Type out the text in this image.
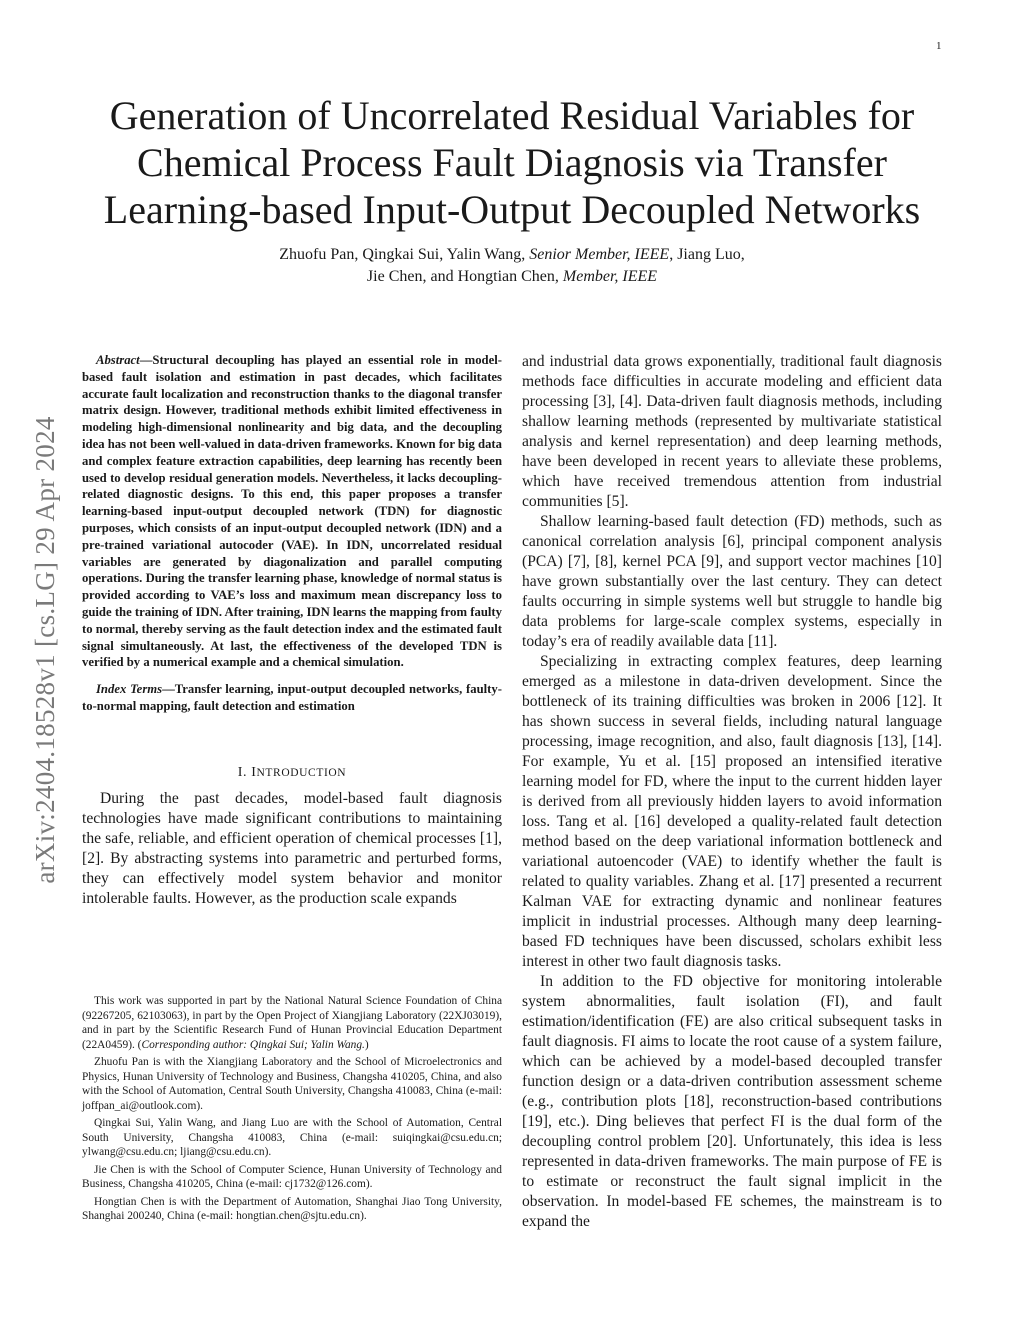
1
arXiv:2404.18528v1 [cs.LG] 29 Apr 2024
Generation of Uncorrelated Residual Variables for
Chemical Process Fault Diagnosis via Transfer
Learning-based Input-Output Decoupled Networks
Zhuofu Pan, Qingkai Sui, Yalin Wang, Senior Member, IEEE, Jiang Luo,
Jie Chen, and Hongtian Chen, Member, IEEE

Abstract—Structural decoupling has played an essential role in model-based fault isolation and estimation in past decades, which facilitates accurate fault localization and reconstruction thanks to the diagonal transfer matrix design. However, traditional methods exhibit limited effectiveness in modeling high-dimensional nonlinearity and big data, and the decoupling idea has not been well-valued in data-driven frameworks. Known for big data and complex feature extraction capabilities, deep learning has recently been used to develop residual generation models. Nevertheless, it lacks decoupling-related diagnostic designs. To this end, this paper proposes a transfer learning-based input-output decoupled network (TDN) for diagnostic purposes, which consists of an input-output decoupled network (IDN) and a pre-trained variational autocoder (VAE). In IDN, uncorrelated residual variables are generated by diagonalization and parallel computing operations. During the transfer learning phase, knowledge of normal status is provided according to VAE’s loss and maximum mean discrepancy loss to guide the training of IDN. After training, IDN learns the mapping from faulty to normal, thereby serving as the fault detection index and the estimated fault signal simultaneously. At last, the effectiveness of the developed TDN is verified by a numerical example and a chemical simulation.

Index Terms—Transfer learning, input-output decoupled networks, faulty-to-normal mapping, fault detection and estimation

I. INTRODUCTION

During the past decades, model-based fault diagnosis technologies have made significant contributions to maintaining the safe, reliable, and efficient operation of chemical processes [1], [2]. By abstracting systems into parametric and perturbed forms, they can effectively model system behavior and monitor intolerable faults. However, as the production scale expands

and industrial data grows exponentially, traditional fault diagnosis methods face difficulties in accurate modeling and efficient data processing [3], [4]. Data-driven fault diagnosis methods, including shallow learning methods (represented by multivariate statistical analysis and kernel representation) and deep learning methods, have been developed in recent years to alleviate these problems, which have received tremendous attention from industrial communities [5].

Shallow learning-based fault detection (FD) methods, such as canonical correlation analysis [6], principal component analysis (PCA) [7], [8], kernel PCA [9], and support vector machines [10] have grown substantially over the last century. They can detect faults occurring in simple systems well but struggle to handle big data problems for large-scale complex systems, especially in today’s era of readily available data [11].

Specializing in extracting complex features, deep learning emerged as a milestone in data-driven development. Since the bottleneck of its training difficulties was broken in 2006 [12]. It has shown success in several fields, including natural language processing, image recognition, and also, fault diagnosis [13], [14]. For example, Yu et al. [15] proposed an intensified iterative learning model for FD, where the input to the current hidden layer is derived from all previously hidden layers to avoid information loss. Tang et al. [16] developed a quality-related fault detection method based on the deep variational information bottleneck and variational autoencoder (VAE) to identify whether the fault is related to quality variables. Zhang et al. [17] presented a recurrent Kalman VAE for extracting dynamic and nonlinear features implicit in industrial processes. Although many deep learning-based FD techniques have been discussed, scholars exhibit less interest in other two fault diagnosis tasks.

In addition to the FD objective for monitoring intolerable system abnormalities, fault isolation (FI), and fault estimation/identification (FE) are also critical subsequent tasks in fault diagnosis. FI aims to locate the root cause of a system failure, which can be achieved by a model-based decoupled transfer function design or a data-driven contribution assessment scheme (e.g., contribution plots [18], reconstruction-based contributions [19], etc.). Ding believes that perfect FI is the dual form of the decoupling control problem [20]. Unfortunately, this idea is less represented in data-driven frameworks. The main purpose of FE is to estimate or reconstruct the fault signal implicit in the observation. In model-based FE schemes, the mainstream is to expand the

This work was supported in part by the National Natural Science Foundation of China (92267205, 62103063), in part by the Open Project of Xiangjiang Laboratory (22XJ03019), and in part by the Scientific Research Fund of Hunan Provincial Education Department (22A0459). (Corresponding author: Qingkai Sui; Yalin Wang.)

Zhuofu Pan is with the Xiangjiang Laboratory and the School of Microelectronics and Physics, Hunan University of Technology and Business, Changsha 410205, China, and also with the School of Automation, Central South University, Changsha 410083, China (e-mail: joffpan_ai@outlook.com).

Qingkai Sui, Yalin Wang, and Jiang Luo are with the School of Automation, Central South University, Changsha 410083, China (e-mail: suiqingkai@csu.edu.cn; ylwang@csu.edu.cn; ljiang@csu.edu.cn).

Jie Chen is with the School of Computer Science, Hunan University of Technology and Business, Changsha 410205, China (e-mail: cj1732@126.com).

Hongtian Chen is with the Department of Automation, Shanghai Jiao Tong University, Shanghai 200240, China (e-mail: hongtian.chen@sjtu.edu.cn).
